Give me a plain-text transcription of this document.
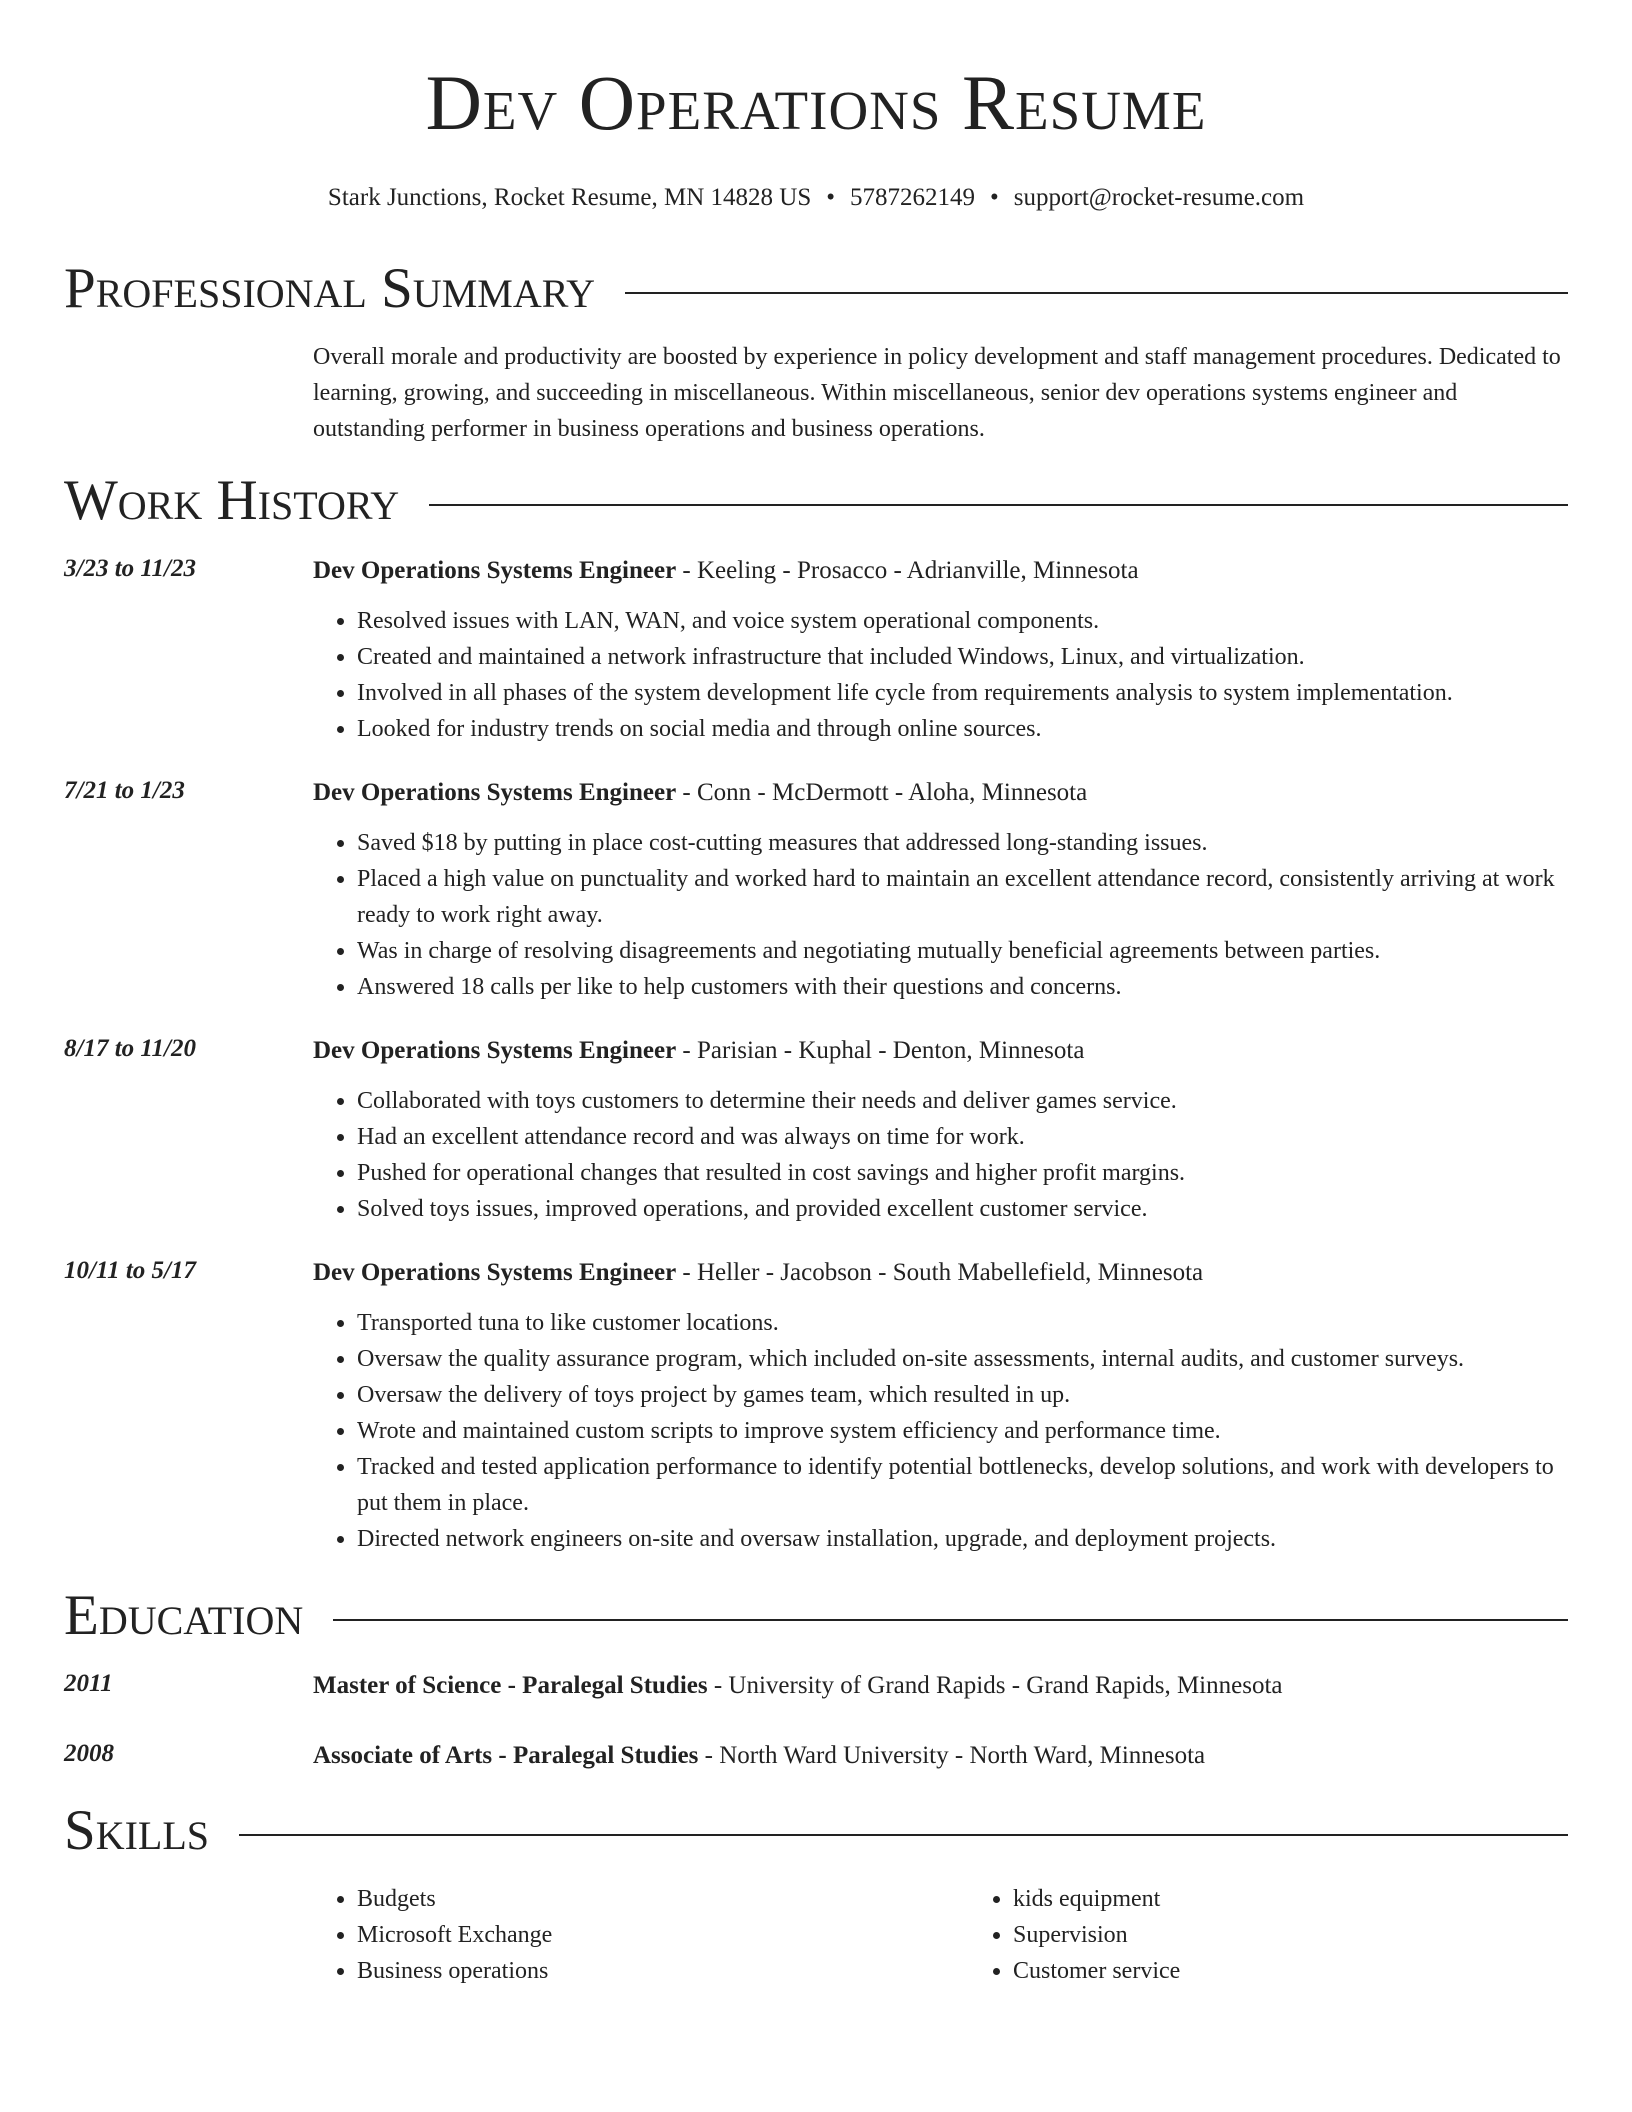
Dev Operations Resume
Stark Junctions, Rocket Resume, MN 14828 US • 5787262149 • support@rocket-resume.com
Professional Summary
Overall morale and productivity are boosted by experience in policy development and staff management procedures. Dedicated to learning, growing, and succeeding in miscellaneous. Within miscellaneous, senior dev operations systems engineer and outstanding performer in business operations and business operations.
Work History
3/23 to 11/23	Dev Operations Systems Engineer - Keeling - Prosacco - Adrianville, Minnesota
• Resolved issues with LAN, WAN, and voice system operational components.
• Created and maintained a network infrastructure that included Windows, Linux, and virtualization.
• Involved in all phases of the system development life cycle from requirements analysis to system implementation.
• Looked for industry trends on social media and through online sources.
7/21 to 1/23	Dev Operations Systems Engineer - Conn - McDermott - Aloha, Minnesota
• Saved $18 by putting in place cost-cutting measures that addressed long-standing issues.
• Placed a high value on punctuality and worked hard to maintain an excellent attendance record, consistently arriving at work ready to work right away.
• Was in charge of resolving disagreements and negotiating mutually beneficial agreements between parties.
• Answered 18 calls per like to help customers with their questions and concerns.
8/17 to 11/20	Dev Operations Systems Engineer - Parisian - Kuphal - Denton, Minnesota
• Collaborated with toys customers to determine their needs and deliver games service.
• Had an excellent attendance record and was always on time for work.
• Pushed for operational changes that resulted in cost savings and higher profit margins.
• Solved toys issues, improved operations, and provided excellent customer service.
10/11 to 5/17	Dev Operations Systems Engineer - Heller - Jacobson - South Mabellefield, Minnesota
• Transported tuna to like customer locations.
• Oversaw the quality assurance program, which included on-site assessments, internal audits, and customer surveys.
• Oversaw the delivery of toys project by games team, which resulted in up.
• Wrote and maintained custom scripts to improve system efficiency and performance time.
• Tracked and tested application performance to identify potential bottlenecks, develop solutions, and work with developers to put them in place.
• Directed network engineers on-site and oversaw installation, upgrade, and deployment projects.
Education
2011	Master of Science - Paralegal Studies - University of Grand Rapids - Grand Rapids, Minnesota
2008	Associate of Arts - Paralegal Studies - North Ward University - North Ward, Minnesota
Skills
• Budgets
• Microsoft Exchange
• Business operations
• kids equipment
• Supervision
• Customer service
